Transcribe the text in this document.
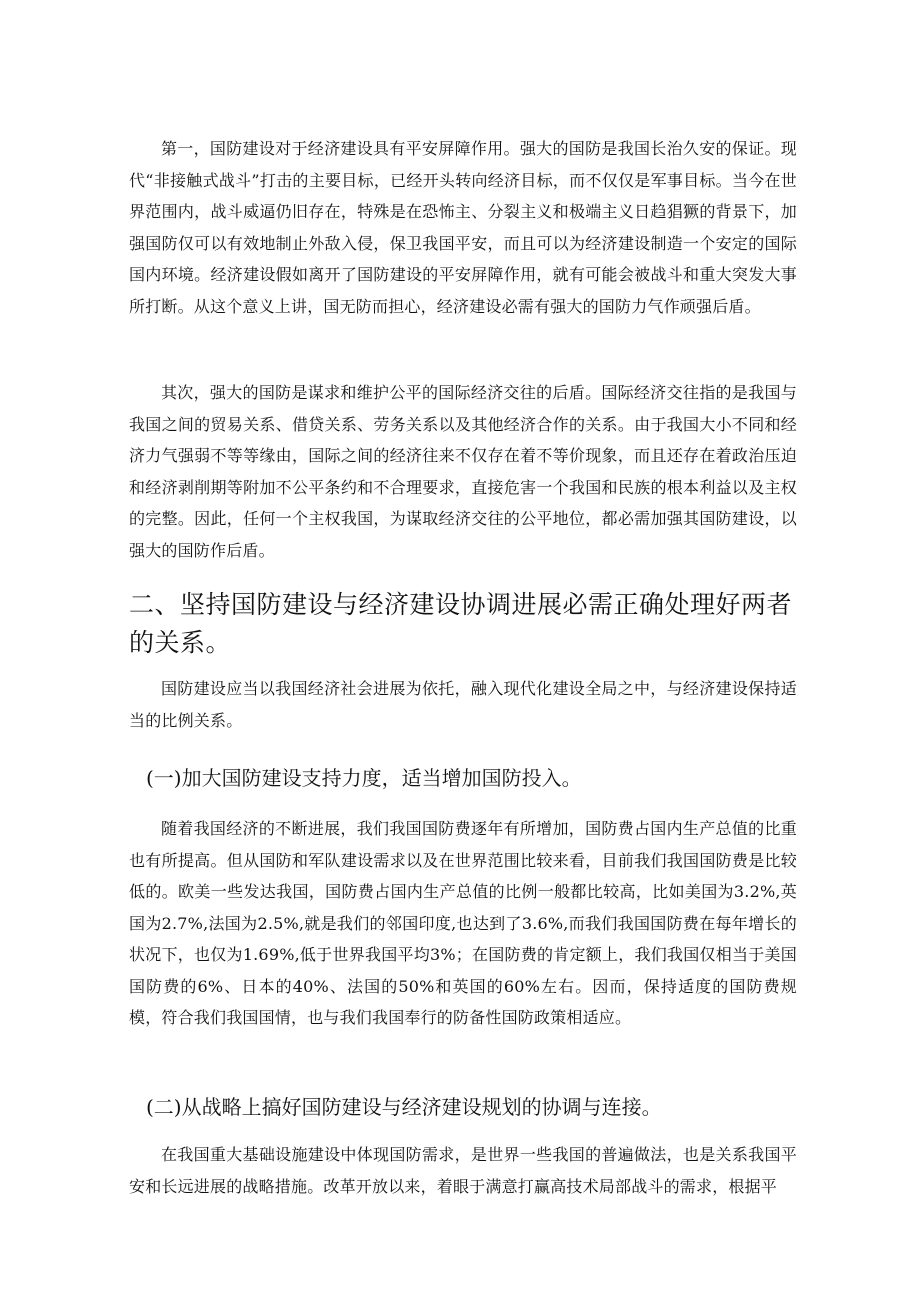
第一，国防建设对于经济建设具有平安屏障作用。强大的国防是我国长治久安的保证。现代“非接触式战斗”打击的主要目标，已经开头转向经济目标，而不仅仅是军事目标。当今在世界范围内，战斗威逼仍旧存在，特殊是在恐怖主、分裂主义和极端主义日趋猖獗的背景下，加强国防仅可以有效地制止外敌入侵，保卫我国平安，而且可以为经济建设制造一个安定的国际国内环境。经济建设假如离开了国防建设的平安屏障作用，就有可能会被战斗和重大突发大事所打断。从这个意义上讲，国无防而担心，经济建设必需有强大的国防力气作顽强后盾。

其次，强大的国防是谋求和维护公平的国际经济交往的后盾。国际经济交往指的是我国与我国之间的贸易关系、借贷关系、劳务关系以及其他经济合作的关系。由于我国大小不同和经济力气强弱不等等缘由，国际之间的经济往来不仅存在着不等价现象，而且还存在着政治压迫和经济剥削期等附加不公平条约和不合理要求，直接危害一个我国和民族的根本利益以及主权的完整。因此，任何一个主权我国，为谋取经济交往的公平地位，都必需加强其国防建设，以强大的国防作后盾。

二、坚持国防建设与经济建设协调进展必需正确处理好两者的关系。

国防建设应当以我国经济社会进展为依托，融入现代化建设全局之中，与经济建设保持适当的比例关系。

(一)加大国防建设支持力度，适当增加国防投入。

随着我国经济的不断进展，我们我国国防费逐年有所增加，国防费占国内生产总值的比重也有所提高。但从国防和军队建设需求以及在世界范围比较来看，目前我们我国国防费是比较低的。欧美一些发达我国，国防费占国内生产总值的比例一般都比较高，比如美国为3.2%,英国为2.7%,法国为2.5%,就是我们的邻国印度,也达到了3.6%,而我们我国国防费在每年增长的状况下，也仅为1.69%,低于世界我国平均3%；在国防费的肯定额上，我们我国仅相当于美国国防费的6%、日本的40%、法国的50%和英国的60%左右。因而，保持适度的国防费规模，符合我们我国国情，也与我们我国奉行的防备性国防政策相适应。

(二)从战略上搞好国防建设与经济建设规划的协调与连接。

在我国重大基础设施建设中体现国防需求，是世界一些我国的普遍做法，也是关系我国平安和长远进展的战略措施。改革开放以来，着眼于满意打赢高技术局部战斗的需求，根据平
